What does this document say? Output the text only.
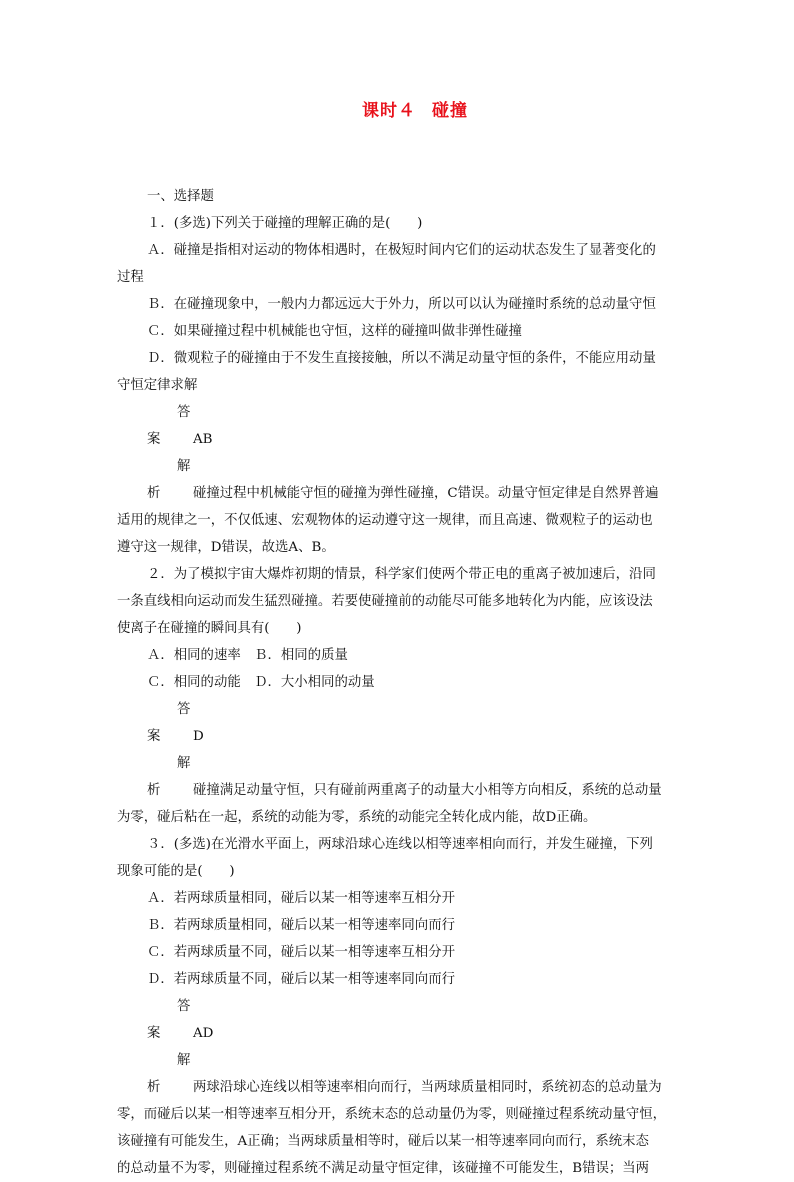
课时４ 碰撞

一、选择题

１．(多选)下列关于碰撞的理解正确的是(　　)

Ａ．碰撞是指相对运动的物体相遇时，在极短时间内它们的运动状态发生了显著变化的

过程

Ｂ．在碰撞现象中，一般内力都远远大于外力，所以可以认为碰撞时系统的总动量守恒

Ｃ．如果碰撞过程中机械能也守恒，这样的碰撞叫做非弹性碰撞

Ｄ．微观粒子的碰撞由于不发生直接接触，所以不满足动量守恒的条件，不能应用动量

守恒定律求解

答案 AB

解析 碰撞过程中机械能守恒的碰撞为弹性碰撞，C错误。动量守恒定律是自然界普遍

适用的规律之一，不仅低速、宏观物体的运动遵守这一规律，而且高速、微观粒子的运动也

遵守这一规律，D错误，故选A、B。

２．为了模拟宇宙大爆炸初期的情景，科学家们使两个带正电的重离子被加速后，沿同

一条直线相向运动而发生猛烈碰撞。若要使碰撞前的动能尽可能多地转化为内能，应该设法

使离子在碰撞的瞬间具有(　　)

Ａ．相同的速率　Ｂ．相同的质量

Ｃ．相同的动能　Ｄ．大小相同的动量

答案 D

解析 碰撞满足动量守恒，只有碰前两重离子的动量大小相等方向相反，系统的总动量

为零，碰后粘在一起，系统的动能为零，系统的动能完全转化成内能，故D正确。

３．(多选)在光滑水平面上，两球沿球心连线以相等速率相向而行，并发生碰撞，下列

现象可能的是(　　)

Ａ．若两球质量相同，碰后以某一相等速率互相分开

Ｂ．若两球质量相同，碰后以某一相等速率同向而行

Ｃ．若两球质量不同，碰后以某一相等速率互相分开

Ｄ．若两球质量不同，碰后以某一相等速率同向而行

答案 AD

解析 两球沿球心连线以相等速率相向而行，当两球质量相同时，系统初态的总动量为

零，而碰后以某一相等速率互相分开，系统末态的总动量仍为零，则碰撞过程系统动量守恒，

该碰撞有可能发生，A正确；当两球质量相等时，碰后以某一相等速率同向而行，系统末态

的总动量不为零，则碰撞过程系统不满足动量守恒定律，该碰撞不可能发生，B错误；当两
